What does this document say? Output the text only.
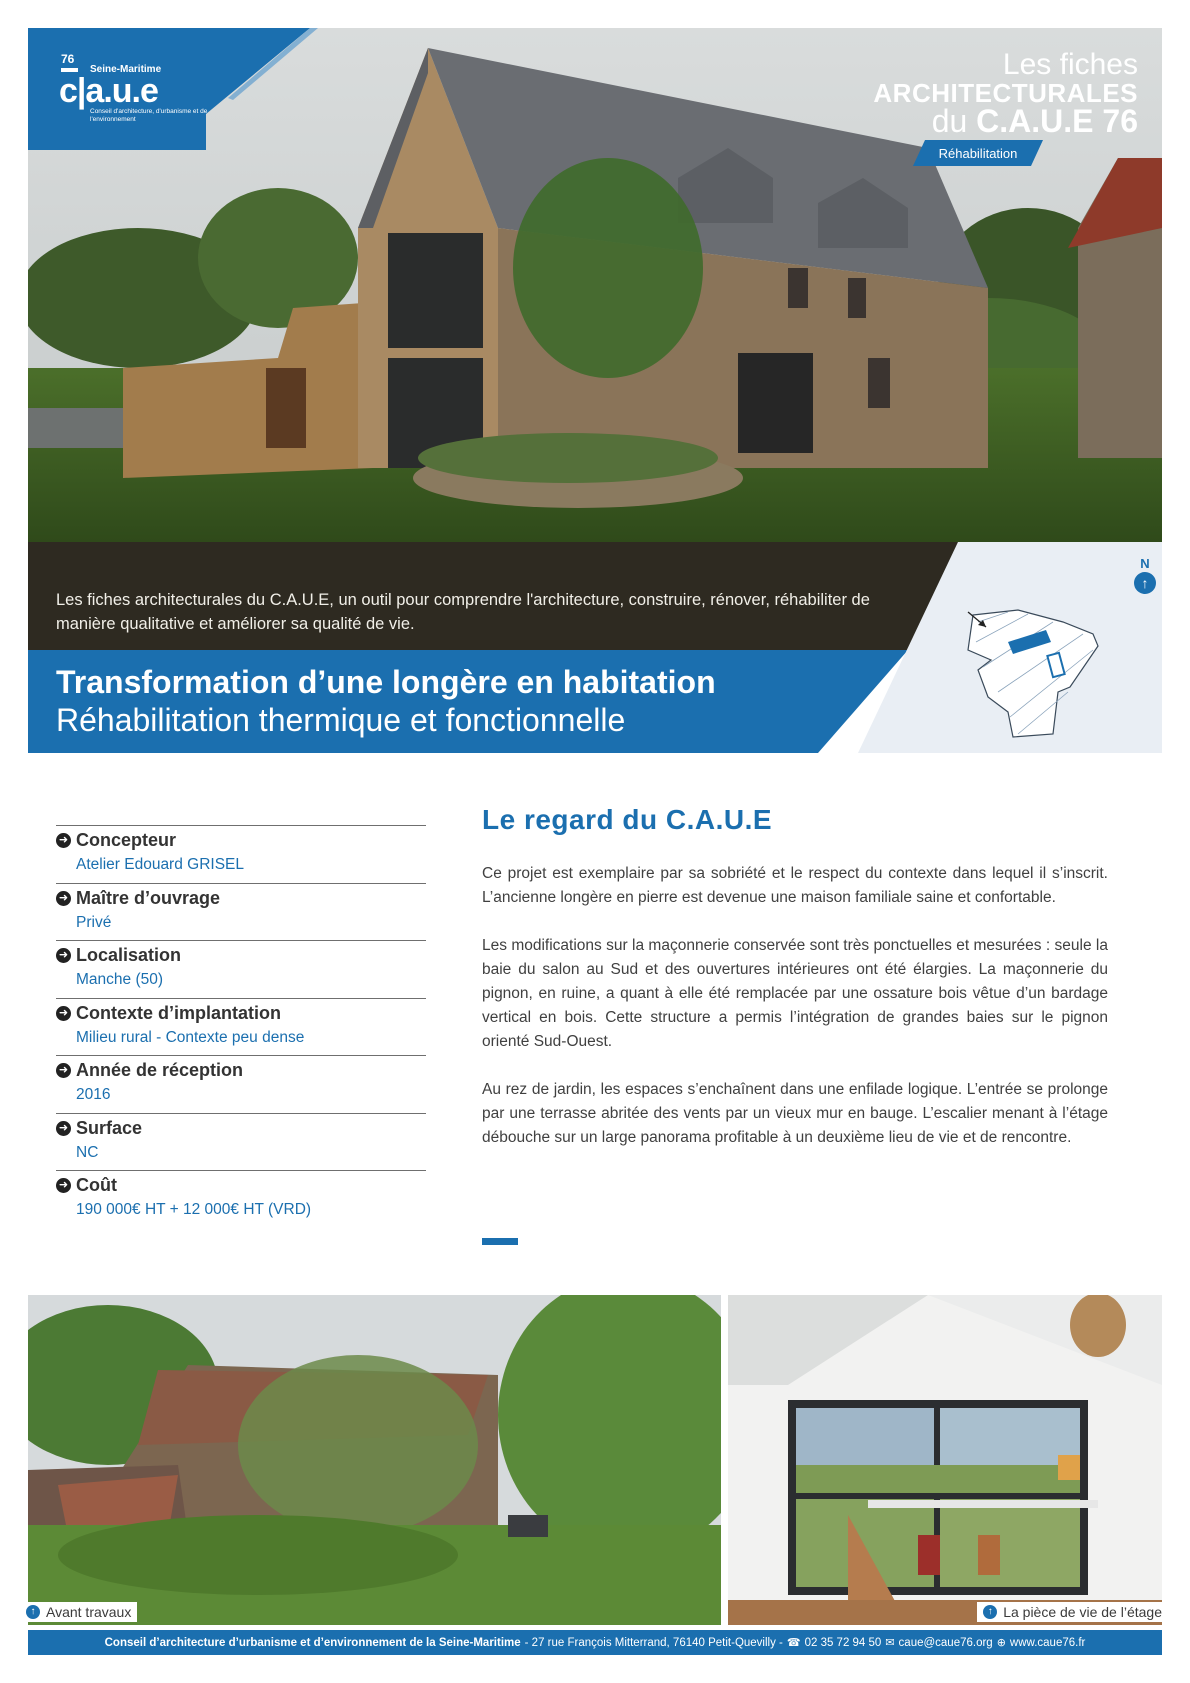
76
c|a.u.e
Seine-Maritime
Conseil d'architecture, d'urbanisme et de l'environnement
Les fiches
ARCHITECTURALES
du C.A.U.E 76
Réhabilitation
Les fiches architecturales du C.A.U.E, un outil pour comprendre l'architecture, construire, rénover, réhabiliter de manière qualitative et améliorer sa qualité de vie.
N
↑
Transformation d’une longère en habitation
Réhabilitation thermique et fonctionnelle
➜ Concepteur
Atelier Edouard GRISEL
➜ Maître d’ouvrage
Privé
➜ Localisation
Manche (50)
➜ Contexte d’implantation
Milieu rural - Contexte peu dense
➜ Année de réception
2016
➜ Surface
NC
➜ Coût
190 000€ HT + 12 000€ HT (VRD)
Le regard du C.A.U.E

Ce projet est exemplaire par sa sobriété et le respect du contexte dans lequel il s’inscrit. L’ancienne longère en pierre est devenue une maison familiale saine et confortable.

Les modifications sur la maçonnerie conservée sont très ponctuelles et mesurées : seule la baie du salon au Sud et des ouvertures intérieures ont été élargies. La maçonnerie du pignon, en ruine, a quant à elle été remplacée par une ossature bois vêtue d’un bardage vertical en bois. Cette structure a permis l’intégration de grandes baies sur le pignon orienté Sud-Ouest.

Au rez de jardin, les espaces s’enchaînent dans une enfilade logique. L’entrée se prolonge par une terrasse abritée des vents par un vieux mur en bauge. L’escalier menant à l’étage débouche sur un large panorama profitable à un deuxième lieu de vie et de rencontre.

↑ Avant travaux	↑ La pièce de vie de l’étage
Conseil d’architecture d’urbanisme et d’environnement de la Seine-Maritime - 27 rue François Mitterrand, 76140 Petit-Quevilly - ☎ 02 35 72 94 50 ✉ caue@caue76.org ⊕ www.caue76.fr
